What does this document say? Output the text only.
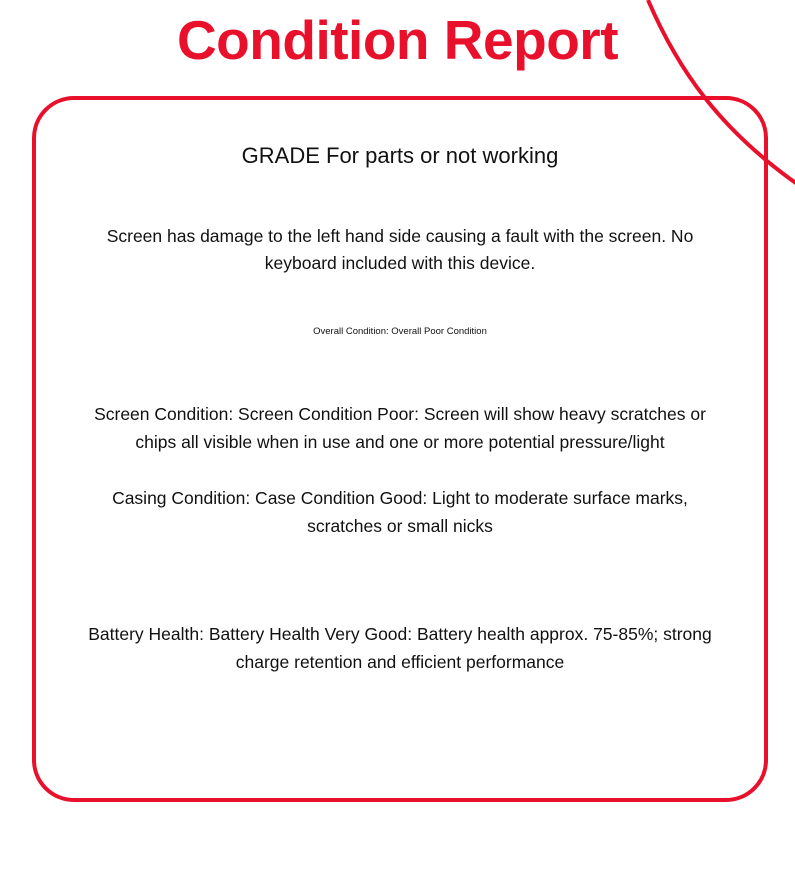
Condition Report
GRADE For parts or not working
Screen has damage to the left hand side causing a fault with the screen. No keyboard included with this device.
Overall Condition: Overall Poor Condition
Screen Condition: Screen Condition Poor: Screen will show heavy scratches or chips all visible when in use and one or more potential pressure/light
Casing Condition: Case Condition Good: Light to moderate surface marks, scratches or small nicks
Battery Health: Battery Health Very Good: Battery health approx. 75-85%; strong charge retention and efficient performance
